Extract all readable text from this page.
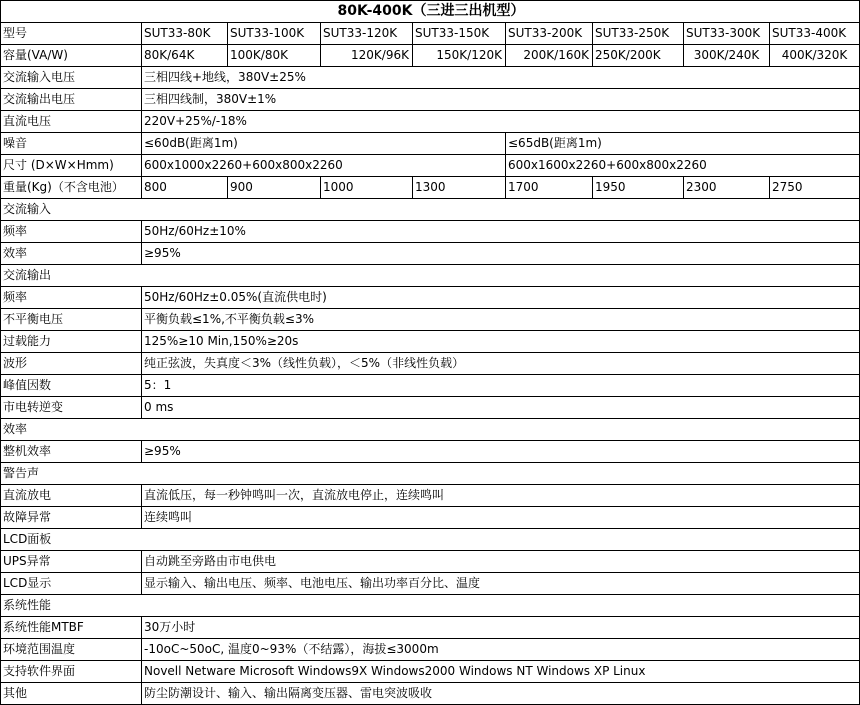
80K-400K（三进三出机型）								
型号	SUT33-80K	SUT33-100K	SUT33-120K	SUT33-150K	SUT33-200K	SUT33-250K	SUT33-300K	SUT33-400K
容量(VA/W)	80K/64K	100K/80K	120K/96K	150K/120K	200K/160K	250K/200K	300K/240K	400K/320K
交流输入电压	三相四线+地线，380V±25%							
交流输出电压	三相四线制，380V±1%							
直流电压	220V+25%/-18%							
噪音	≤60dB(距离1m)				≤65dB(距离1m)			
尺寸 (D×W×Hmm)	600x1000x2260+600x800x2260				600x1600x2260+600x800x2260			
重量(Kg)（不含电池）	800	900	1000	1300	1700	1950	2300	2750
交流输入								
频率	50Hz/60Hz±10%							
效率	≥95%							
交流输出								
频率	50Hz/60Hz±0.05%(直流供电时)							
不平衡电压	平衡负载≤1%,不平衡负载≤3%							
过载能力	125%≥10 Min,150%≥20s							
波形	纯正弦波，失真度＜3%（线性负载），＜5%（非线性负载）							
峰值因数	5：1							
市电转逆变	0 ms							
效率								
整机效率	≥95%							
警告声								
直流放电	直流低压，每一秒钟鸣叫一次，直流放电停止，连续鸣叫							
故障异常	连续鸣叫							
LCD面板								
UPS异常	自动跳至旁路由市电供电							
LCD显示	显示输入、输出电压、频率、电池电压、输出功率百分比、温度							
系统性能								
系统性能MTBF	30万小时							
环境范围温度	-10oC~50oC, 温度0~93%（不结露），海拔≤3000m							
支持软件界面	Novell Netware Microsoft Windows9X Windows2000 Windows NT Windows XP Linux							
其他	防尘防潮设计、输入、输出隔离变压器、雷电突波吸收							
